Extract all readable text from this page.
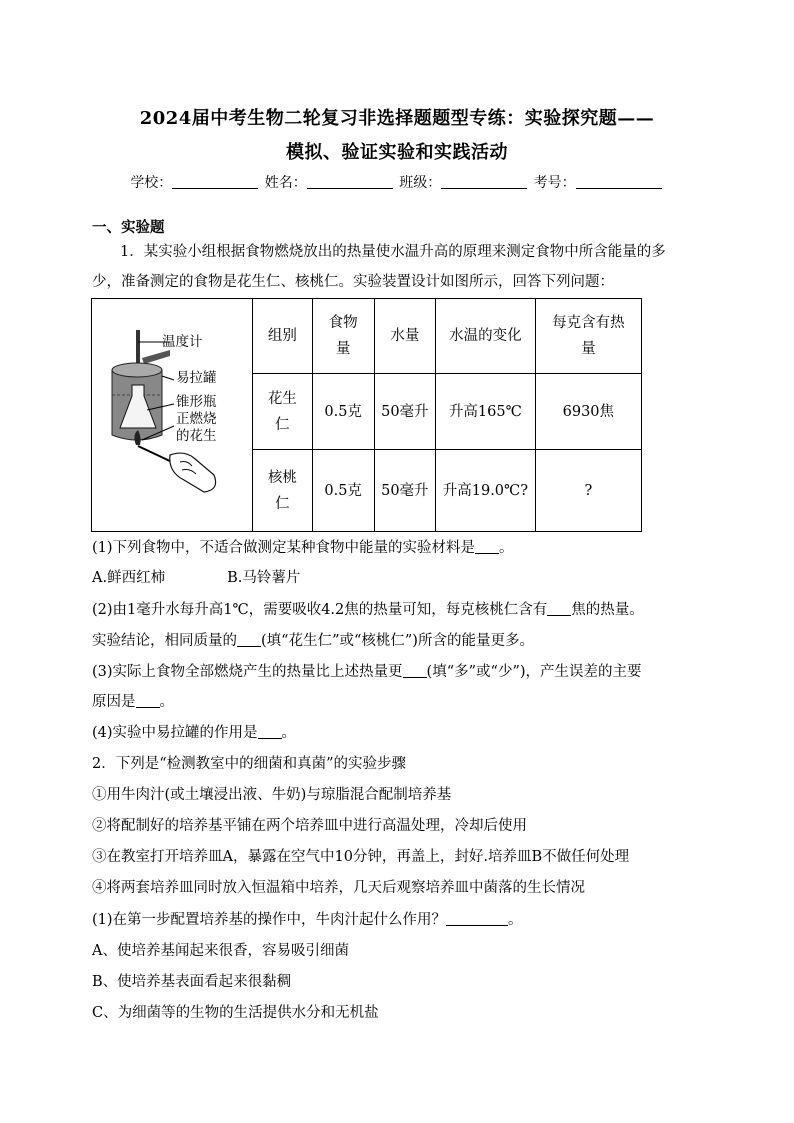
2024届中考生物二轮复习非选择题题型专练：实验探究题——
模拟、验证实验和实践活动
学校：	姓名：	班级：	考号：
一、实验题
1．某实验小组根据食物燃烧放出的热量使水温升高的原理来测定食物中所含能量的多
少，准备测定的食物是花生仁、核桃仁。实验装置设计如图所示，回答下列问题：
温度计
易拉罐
锥形瓶
正燃烧
的花生	组别	食物量	水量	水温的变化	每克含有热量
	花生仁	0.5克	50毫升	升高165℃	6930焦
	核桃仁	0.5克	50毫升	升高19.0℃?	?
(1)下列食物中，不适合做测定某种食物中能量的实验材料是 。
A.鲜西红柿	B.马铃薯片
(2)由1毫升水每升高1℃，需要吸收4.2焦的热量可知，每克核桃仁含有 焦的热量。
实验结论，相同质量的 (填“花生仁”或“核桃仁”)所含的能量更多。
(3)实际上食物全部燃烧产生的热量比上述热量更 (填“多”或“少”)，产生误差的主要
原因是 。
(4)实验中易拉罐的作用是 。
2．下列是“检测教室中的细菌和真菌”的实验步骤
①用牛肉汁(或土壤浸出液、牛奶)与琼脂混合配制培养基
②将配制好的培养基平铺在两个培养皿中进行高温处理，冷却后使用
③在教室打开培养皿A，暴露在空气中10分钟，再盖上，封好.培养皿B不做任何处理
④将两套培养皿同时放入恒温箱中培养，几天后观察培养皿中菌落的生长情况
(1)在第一步配置培养基的操作中，牛肉汁起什么作用？	。
A、使培养基闻起来很香，容易吸引细菌
B、使培养基表面看起来很黏稠
C、为细菌等的生物的生活提供水分和无机盐
